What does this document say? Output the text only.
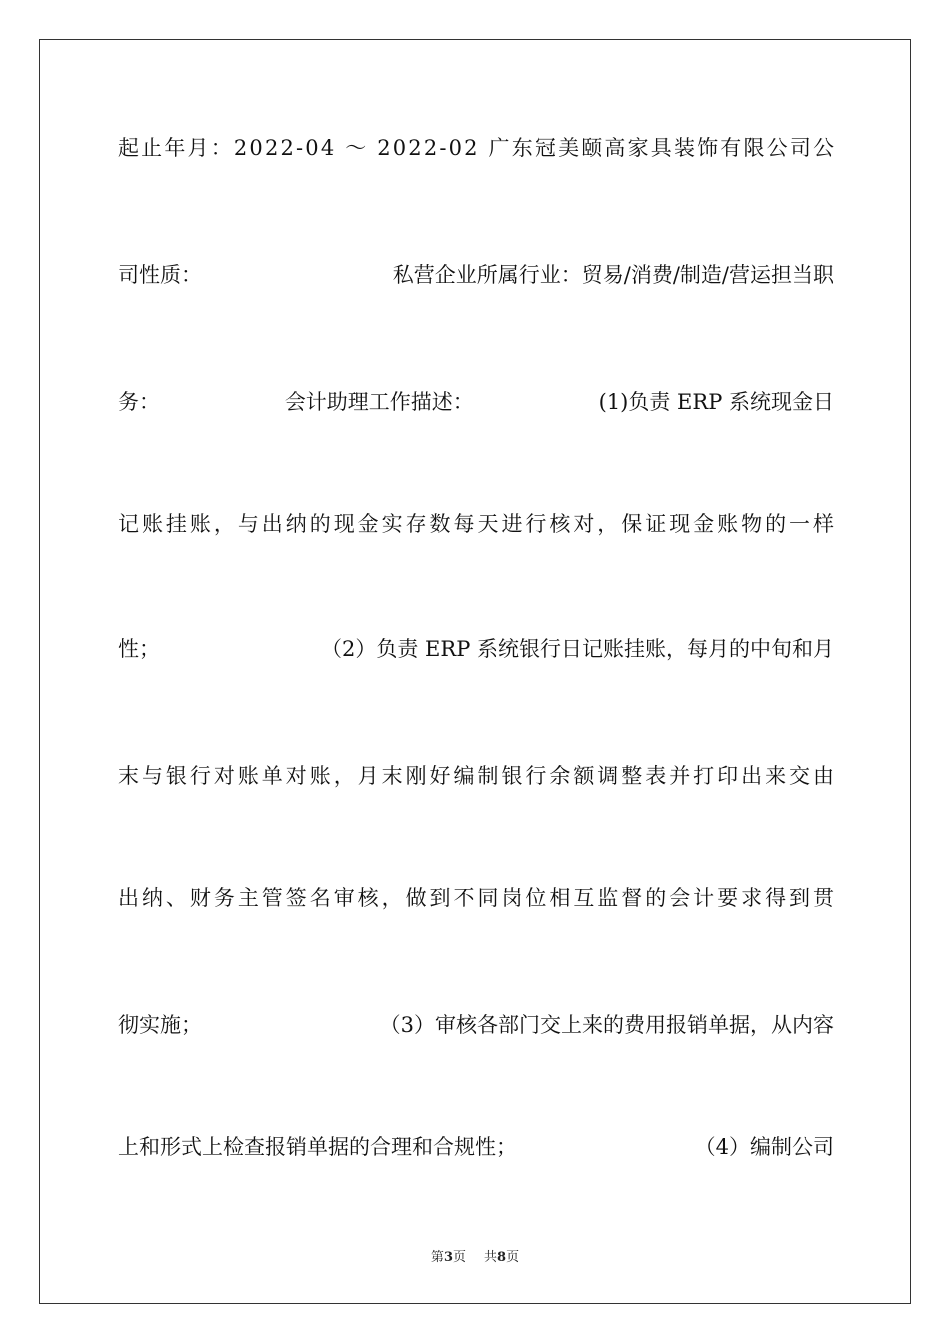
起止年月：2022-04 ～ 2022-02 广东冠美颐高家具装饰有限公司公
司性质：	私营企业所属行业：贸易/消费/制造/营运担当职
务：	会计助理工作描述：	(1)负责 ERP 系统现金日
记账挂账，与出纳的现金实存数每天进行核对，保证现金账物的一样
性；	（2）负责 ERP 系统银行日记账挂账，每月的中旬和月
末与银行对账单对账，月末刚好编制银行余额调整表并打印出来交由
出纳、财务主管签名审核，做到不同岗位相互监督的会计要求得到贯
彻实施；	（3）审核各部门交上来的费用报销单据，从内容
上和形式上检查报销单据的合理和合规性；	（4）编制公司
第3页 共8页
